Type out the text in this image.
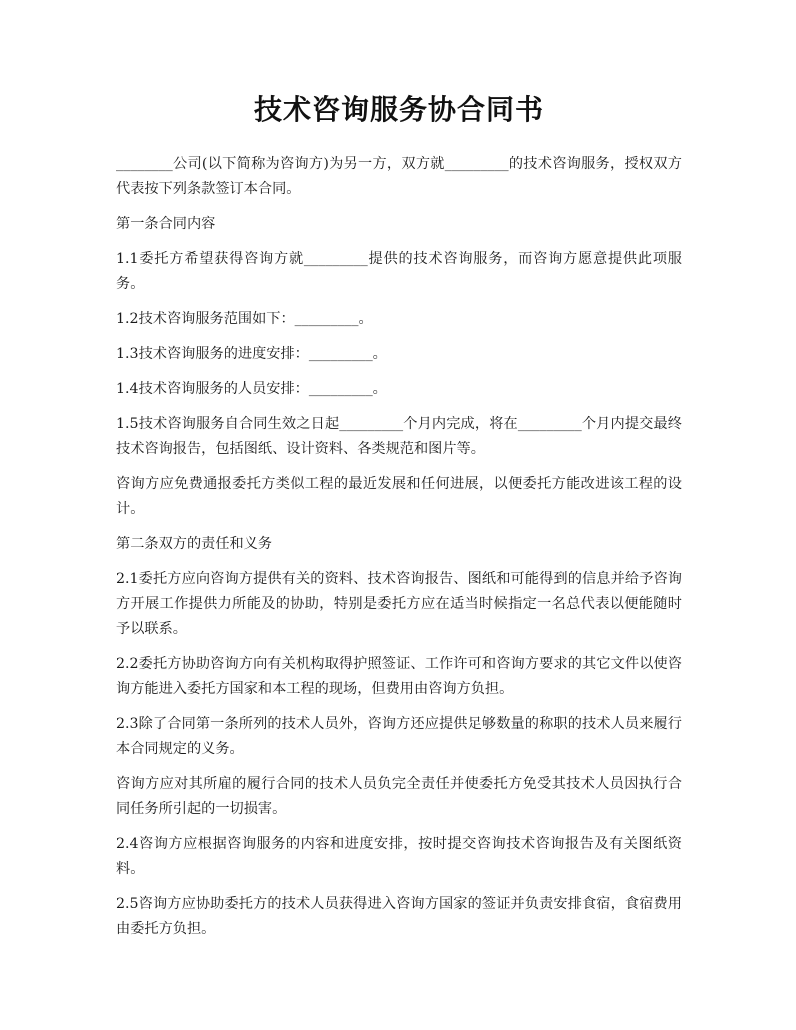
技术咨询服务协合同书

________公司(以下简称为咨询方)为另一方，双方就_________的技术咨询服务，授权双方代表按下列条款签订本合同。

第一条合同内容

1.1委托方希望获得咨询方就_________提供的技术咨询服务，而咨询方愿意提供此项服务。

1.2技术咨询服务范围如下：_________。

1.3技术咨询服务的进度安排：_________。

1.4技术咨询服务的人员安排：_________。

1.5技术咨询服务自合同生效之日起_________个月内完成，将在_________个月内提交最终技术咨询报告，包括图纸、设计资料、各类规范和图片等。

咨询方应免费通报委托方类似工程的最近发展和任何进展，以便委托方能改进该工程的设计。

第二条双方的责任和义务

2.1委托方应向咨询方提供有关的资料、技术咨询报告、图纸和可能得到的信息并给予咨询方开展工作提供力所能及的协助，特别是委托方应在适当时候指定一名总代表以便能随时予以联系。

2.2委托方协助咨询方向有关机构取得护照签证、工作许可和咨询方要求的其它文件以使咨询方能进入委托方国家和本工程的现场，但费用由咨询方负担。

2.3除了合同第一条所列的技术人员外，咨询方还应提供足够数量的称职的技术人员来履行本合同规定的义务。

咨询方应对其所雇的履行合同的技术人员负完全责任并使委托方免受其技术人员因执行合同任务所引起的一切损害。

2.4咨询方应根据咨询服务的内容和进度安排，按时提交咨询技术咨询报告及有关图纸资料。

2.5咨询方应协助委托方的技术人员获得进入咨询方国家的签证并负责安排食宿，食宿费用由委托方负担。
